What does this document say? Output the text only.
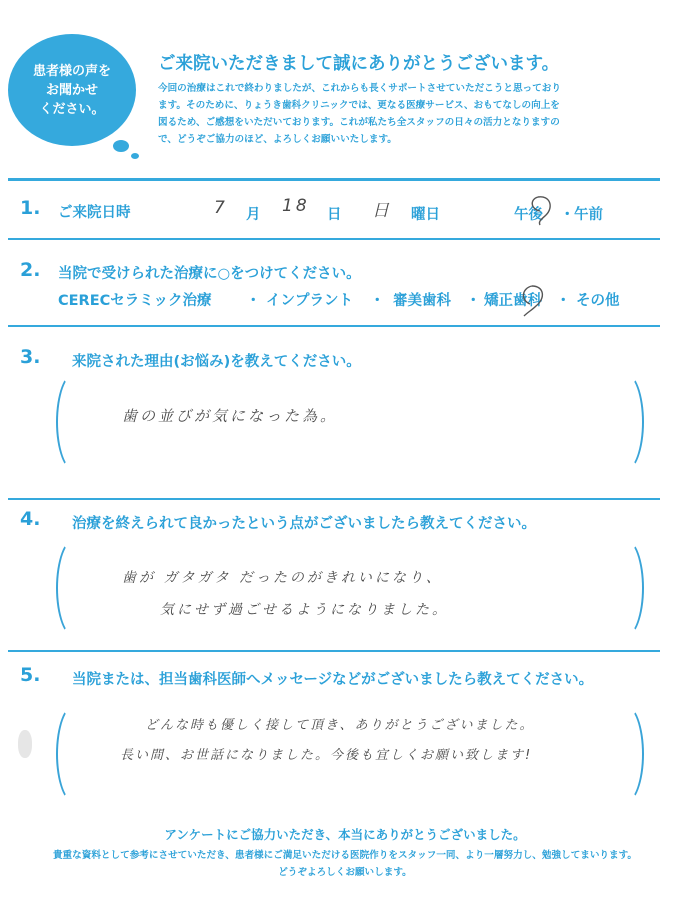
患者様の声を
お聞かせ
ください。
ご来院いただきまして誠にありがとうございます。
今回の治療はこれで終わりましたが、これからも長くサポートさせていただこうと思っており
ます。そのために、りょうき歯科クリニックでは、更なる医療サービス、おもてなしの向上を
図るため、ご感想をいただいております。これが私たち全スタッフの日々の活力となりますの
で、どうぞご協力のほど、よろしくお願いいたします。
1. ご来院日時	7 月 18 日 日 曜日	午後 ・ 午前
2. 当院で受けられた治療に○をつけてください。
CERECセラミック治療 ・ インプラント ・ 審美歯科 ・ 矯正歯科 ・ その他
3. 来院された理由(お悩み)を教えてください。
歯の並びが気になった為。
4. 治療を終えられて良かったという点がございましたら教えてください。
歯が ガタガタ だったのがきれいになり、
気にせず過ごせるようになりました。
5. 当院または、担当歯科医師へメッセージなどがございましたら教えてください。
どんな時も優しく接して頂き、ありがとうございました。
長い間、お世話になりました。今後も宜しくお願い致します!
アンケートにご協力いただき、本当にありがとうございました。
貴重な資料として参考にさせていただき、患者様にご満足いただける医院作りをスタッフ一同、より一層努力し、勉強してまいります。
どうぞよろしくお願いします。
